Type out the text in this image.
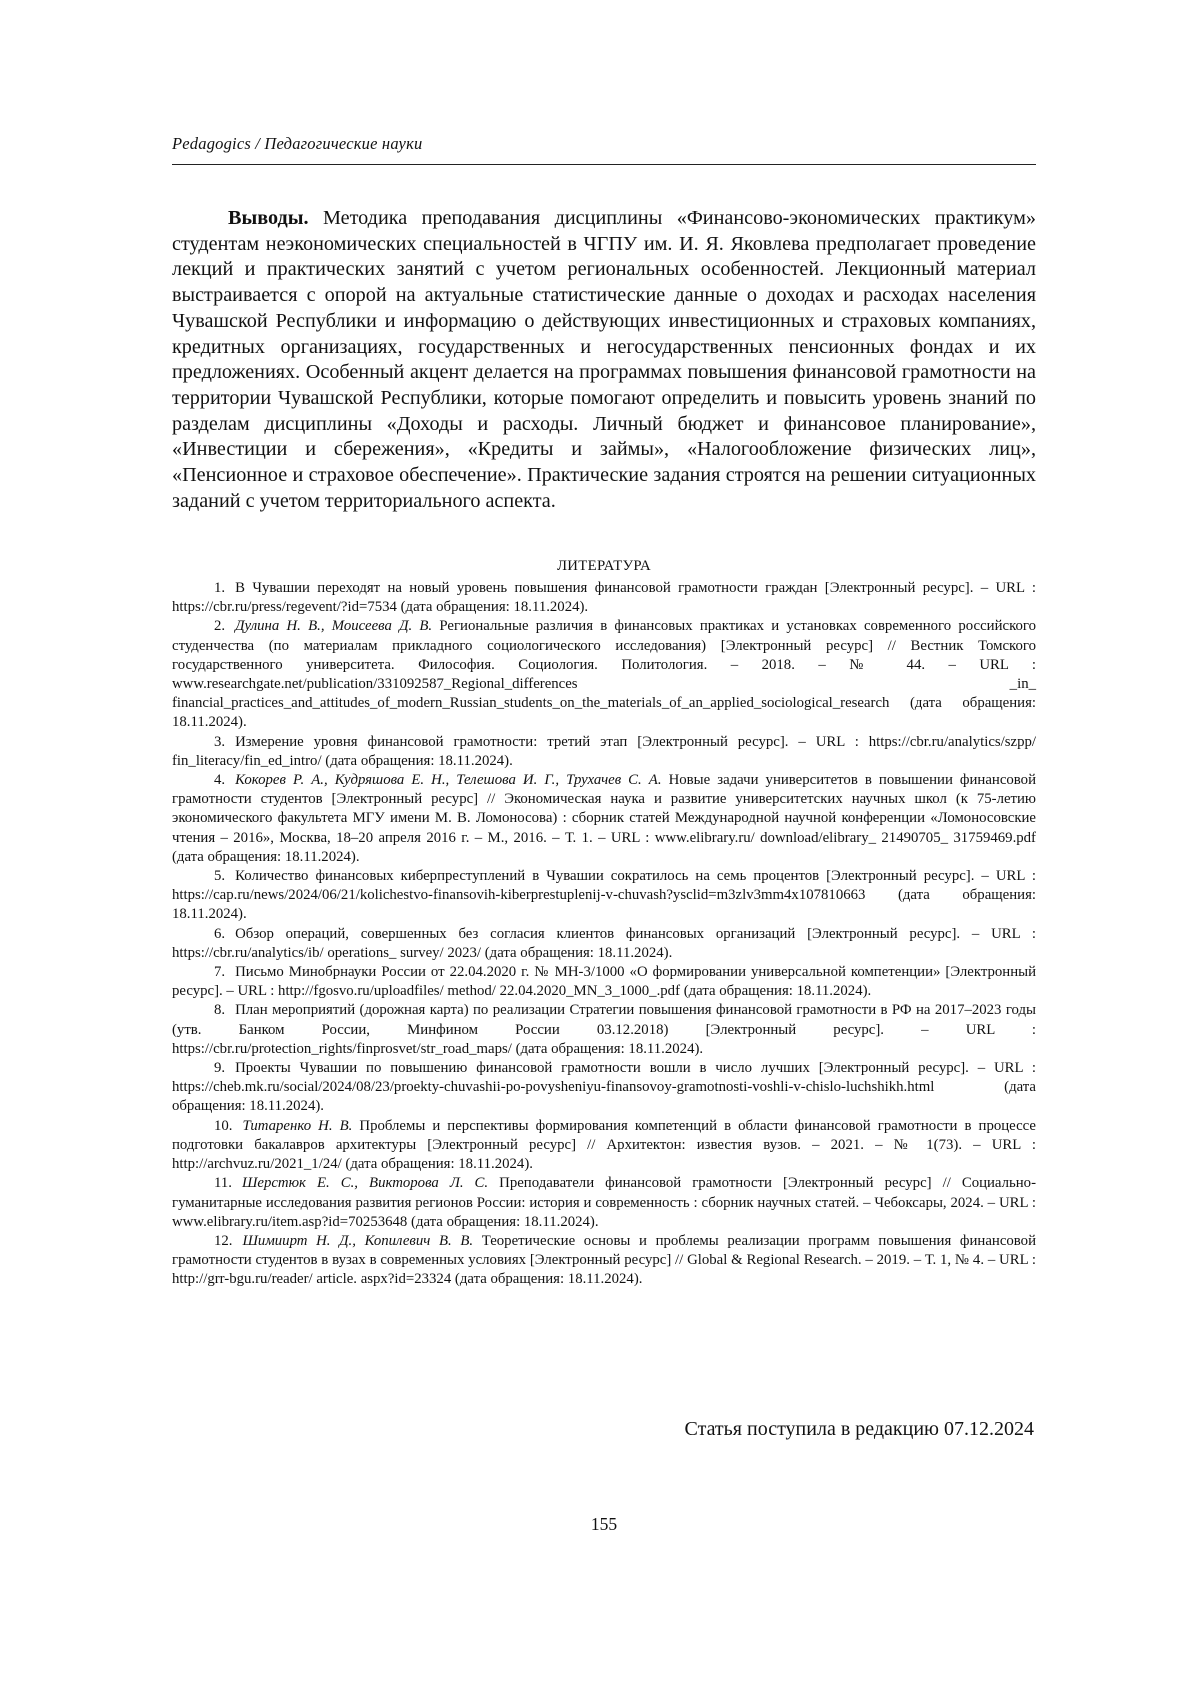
Pedagogics / Педагогические науки

Выводы. Методика преподавания дисциплины «Финансово-экономических практикум» студентам неэкономических специальностей в ЧГПУ им. И. Я. Яковлева предполагает проведение лекций и практических занятий с учетом региональных особенностей. Лекционный материал выстраивается с опорой на актуальные статистические данные о доходах и расходах населения Чувашской Республики и информацию о действующих инвестиционных и страховых компаниях, кредитных организациях, государственных и негосударственных пенсионных фондах и их предложениях. Особенный акцент делается на программах повышения финансовой грамотности на территории Чувашской Республики, которые помогают определить и повысить уровень знаний по разделам дисциплины «Доходы и расходы. Личный бюджет и финансовое планирование», «Инвестиции и сбережения», «Кредиты и займы», «Налогообложение физических лиц», «Пенсионное и страховое обеспечение». Практические задания строятся на решении ситуационных заданий с учетом территориального аспекта.

ЛИТЕРАТУРА
1. В Чувашии переходят на новый уровень повышения финансовой грамотности граждан [Электронный ресурс]. – URL : https://cbr.ru/press/regevent/?id=7534 (дата обращения: 18.11.2024).
2. Дулина Н. В., Моисеева Д. В. Региональные различия в финансовых практиках и установках современного российского студенчества (по материалам прикладного социологического исследования) [Электронный ресурс] // Вестник Томского государственного университета. Философия. Социология. Политология. – 2018. – № 44. – URL : www.researchgate.net/publication/331092587_Regional_differences _in_ financial_practices_and_attitudes_of_modern_Russian_students_on_the_materials_of_an_applied_sociological_research (дата обращения: 18.11.2024).
3. Измерение уровня финансовой грамотности: третий этап [Электронный ресурс]. – URL : https://cbr.ru/analytics/szpp/ fin_literacy/fin_ed_intro/ (дата обращения: 18.11.2024).
4. Кокорев Р. А., Кудряшова Е. Н., Телешова И. Г., Трухачев С. А. Новые задачи университетов в повышении финансовой грамотности студентов [Электронный ресурс] // Экономическая наука и развитие университетских научных школ (к 75-летию экономического факультета МГУ имени М. В. Ломоносова) : сборник статей Международной научной конференции «Ломоносовские чтения – 2016», Москва, 18–20 апреля 2016 г. – М., 2016. – Т. 1. – URL : www.elibrary.ru/ download/elibrary_ 21490705_ 31759469.pdf (дата обращения: 18.11.2024).
5. Количество финансовых киберпреступлений в Чувашии сократилось на семь процентов [Электронный ресурс]. – URL : https://cap.ru/news/2024/06/21/kolichestvo-finansovih-kiberprestuplenij-v-chuvash?ysclid=m3zlv3mm4x107810663 (дата обращения: 18.11.2024).
6. Обзор операций, совершенных без согласия клиентов финансовых организаций [Электронный ресурс]. – URL : https://cbr.ru/analytics/ib/ operations_ survey/ 2023/ (дата обращения: 18.11.2024).
7. Письмо Минобрнауки России от 22.04.2020 г. № МН-3/1000 «О формировании универсальной компетенции» [Электронный ресурс]. – URL : http://fgosvo.ru/uploadfiles/ method/ 22.04.2020_MN_3_1000_.pdf (дата обращения: 18.11.2024).
8. План мероприятий (дорожная карта) по реализации Стратегии повышения финансовой грамотности в РФ на 2017–2023 годы (утв. Банком России, Минфином России 03.12.2018) [Электронный ресурс]. – URL : https://cbr.ru/protection_rights/finprosvet/str_road_maps/ (дата обращения: 18.11.2024).
9. Проекты Чувашии по повышению финансовой грамотности вошли в число лучших [Электронный ресурс]. – URL : https://cheb.mk.ru/social/2024/08/23/proekty-chuvashii-po-povysheniyu-finansovoy-gramotnosti-voshli-v-chislo-luchshikh.html (дата обращения: 18.11.2024).
10. Титаренко Н. В. Проблемы и перспективы формирования компетенций в области финансовой грамотности в процессе подготовки бакалавров архитектуры [Электронный ресурс] // Архитектон: известия вузов. – 2021. – № 1(73). – URL : http://archvuz.ru/2021_1/24/ (дата обращения: 18.11.2024).
11. Шерстюк Е. С., Викторова Л. С. Преподаватели финансовой грамотности [Электронный ресурс] // Социально-гуманитарные исследования развития регионов России: история и современность : сборник научных статей. – Чебоксары, 2024. – URL : www.elibrary.ru/item.asp?id=70253648 (дата обращения: 18.11.2024).
12. Шимиирт Н. Д., Копилевич В. В. Теоретические основы и проблемы реализации программ повышения финансовой грамотности студентов в вузах в современных условиях [Электронный ресурс] // Global & Regional Research. – 2019. – Т. 1, № 4. – URL : http://grr-bgu.ru/reader/ article. aspx?id=23324 (дата обращения: 18.11.2024).
Статья поступила в редакцию 07.12.2024
155
